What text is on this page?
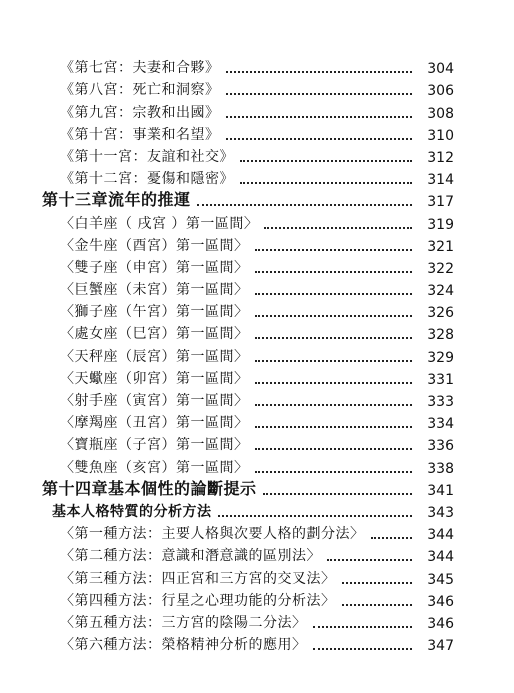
《第七宮：夫妻和合夥》	304
《第八宮：死亡和洞察》	306
《第九宮：宗教和出國》	308
《第十宮：事業和名望》	310
《第十一宮：友誼和社交》	312
《第十二宮：憂傷和隱密》	314
第十三章流年的推運	317
〈白羊座（ 戌宮 ）第一區間〉	319
〈金牛座（酉宮）第一區間〉	321
〈雙子座（申宮）第一區間〉	322
〈巨蟹座（未宮）第一區間〉	324
〈獅子座（午宮）第一區間〉	326
〈處女座（巳宮）第一區間〉	328
〈天秤座（辰宮）第一區間〉	329
〈天蠍座（卯宮）第一區間〉	331
〈射手座（寅宮）第一區間〉	333
〈摩羯座（丑宮）第一區間〉	334
〈寶瓶座（子宮）第一區間〉	336
〈雙魚座（亥宮）第一區間〉	338
第十四章基本個性的論斷提示	341
基本人格特質的分析方法	343
〈第一種方法：主要人格與次要人格的劃分法〉	344
〈第二種方法：意識和潛意識的區別法〉	344
〈第三種方法：四正宮和三方宮的交叉法〉	345
〈第四種方法：行星之心理功能的分析法〉	346
〈第五種方法：三方宮的陰陽二分法〉	346
〈第六種方法：榮格精神分析的應用〉	347
